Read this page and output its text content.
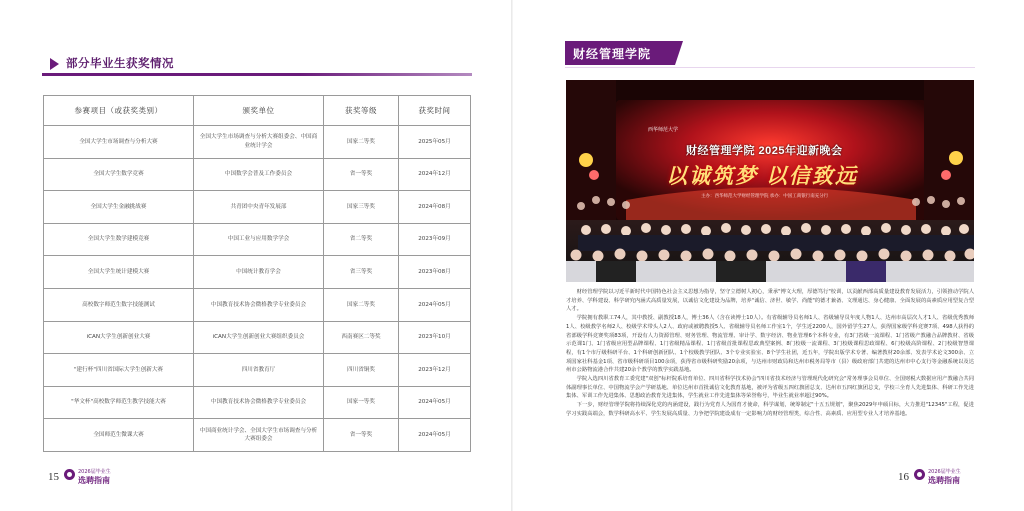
部分毕业生获奖情况
参赛项目（或获奖类别）	颁奖单位	获奖等级	获奖时间
全国大学生市场调查与分析大赛	全国大学生市场调查与分析大赛组委会、中国商业统计学会	国家二等奖	2025年05月
全国大学生数学竞赛	中国数学会普及工作委员会	省一等奖	2024年12月
全国大学生金融挑战赛	共青团中央青年发展部	国家三等奖	2024年08月
全国大学生数学建模竞赛	中国工业与应用数学学会	省二等奖	2023年09月
全国大学生统计建模大赛	中国统计教育学会	省三等奖	2023年08月
高校数字师范生数字技能测试	中国教育技术协会微格教学专业委员会	国家二等奖	2024年05月
iCAN大学生创新创业大赛	iCAN大学生创新创业大赛组织委员会	西南赛区二等奖	2023年10月
"建行杯"四川省国际大学生创新大赛	四川省教育厅	四川省铜奖	2023年12月
"华文杯"高校数学师范生教学技能大赛	中国教育技术协会微格教学专业委员会	国家一等奖	2024年05月
全国师范生微课大赛	中国商业统计学会、全国大学生市场调查与分析大赛组委会	省一等奖	2024年05月
15	2026届毕业生
选聘指南
财经管理学院
西华师范大学
财经管理学院 2025年迎新晚会
以诚筑梦 以信致远
主办：西华师范大学财经管理学院 承办：中国工商银行南充分行

财经管理学院以习近平新时代中国特色社会主义思想为指导，坚守立德树人初心，秉承"博文大理，厚德笃行"校训，以贡献西部高质量建设教育发展活力，引领推动学院人才培养、学科建设、科学研究内涵式高质量发展，以诚信文化建设为品牌，培养"诚信、济世、敏学、尚能"的德才兼备、文理通达、身心健康、全面发展的高素质应用型复合型人才。

学院拥有教职工74人，其中教授、副教授18人，博士36人（含在读博士10人）。有省级辅导员名师1人、省级辅导员年度人物1人、达州市高层次人才1人、省级优秀教师1人、校级教学名师2人、校级学术带头人2人、政府或被聘教授5人、省级辅导员名师工作室1个，学生近2200人，国外留学生27人，获得国家级学科竞赛7项、498人获得的省部级学科竞赛奖项83项，开设有人力资源管理、财务管理、物流管理、审计学、数字经济、物业管理6个本科专业，有3门省级一流课程、1门省级产教融合品牌教材、省级示范课1门、1门省级应用型品牌课程、1门省级精品课程、1门省级首批课程思政典型案例、8门校级一流课程、3门校级课程思政课程、6门校级高阶课程、2门校级智慧课程，有1个市厅级科研平台、1个科研创新团队、1个校级教学团队、3个专业实验室、8个学生社团，近五年，学院出版学术专著、编著教材20余部、发表学术论文300余、立项国家社科基金1项、省市级科研项目100余项，获得省市级科研奖励20余项，与达州市财政局和达州市税务局等市（县）级政府部门共建的达州市中心支行等金融系统以及达州市公路物流港合作共建20余个教学的教学实践基地。

学院入选四川省教育工委党建"双创"标杆院系培育单位、四川省科学技术协会"四川省技术经济与管理现代化研究会"常务理事会员单位、全国财税大数据应用产教融合共同体副理事长单位、中国物流学会产学研基地、单位达州市首批诚信文化教育基地，被评为省级五四红旗团总支、达州市五四红旗团总支，学校三全育人先进集体、科研工作先进集体、军训工作先进集体、思想政治教育先进集体，学生就业工作先进集体等荣誉称号，毕业生就业率超过90%。

下一步，财经管理学院将持续深化党的内涵建设，践行为党育人为国育才使命，科学谋划，统筹制定"十五五规划"，聚焦2029年申硕目标，大力推进"12345"工程，促进学习实践高端会，数学科研高水平、学生发展高质量、力争把学院建设成有一定影响力的财经管理类，综合性、高素质、应用型专业人才培养基地。

16	2026届毕业生
选聘指南
